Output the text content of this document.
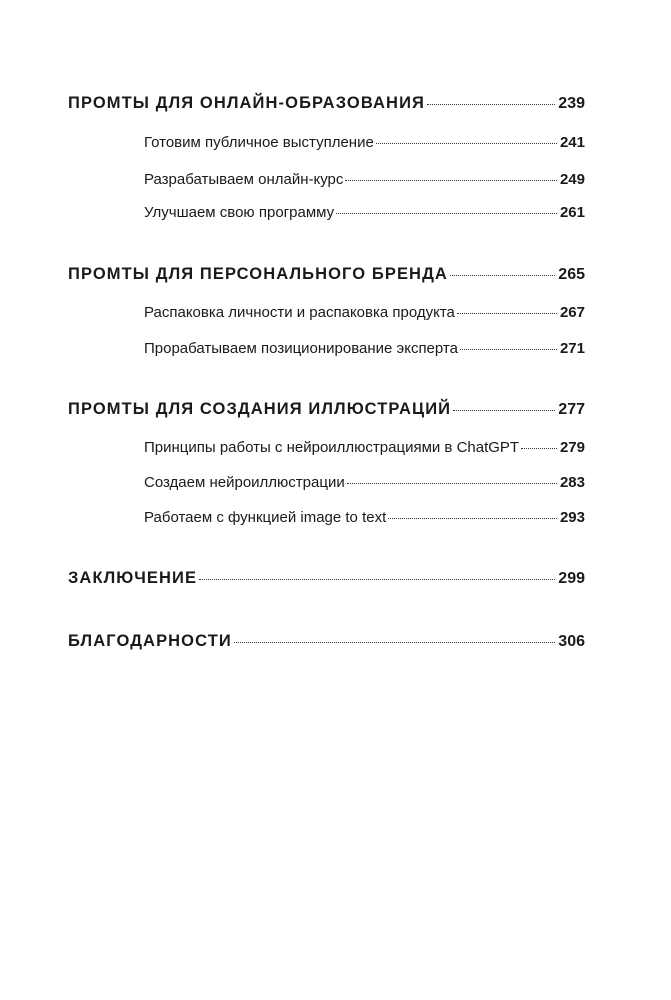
ПРОМТЫ ДЛЯ ОНЛАЙН-ОБРАЗОВАНИЯ	239
Готовим публичное выступление	241
Разрабатываем онлайн-курс	249
Улучшаем свою программу	261
ПРОМТЫ ДЛЯ ПЕРСОНАЛЬНОГО БРЕНДА	265
Распаковка личности и распаковка продукта	267
Прорабатываем позиционирование эксперта	271
ПРОМТЫ ДЛЯ СОЗДАНИЯ ИЛЛЮСТРАЦИЙ	277
Принципы работы с нейроиллюстрациями в ChatGPT	279
Создаем нейроиллюстрации	283
Работаем с функцией image to text	293
ЗАКЛЮЧЕНИЕ	299
БЛАГОДАРНОСТИ	306
